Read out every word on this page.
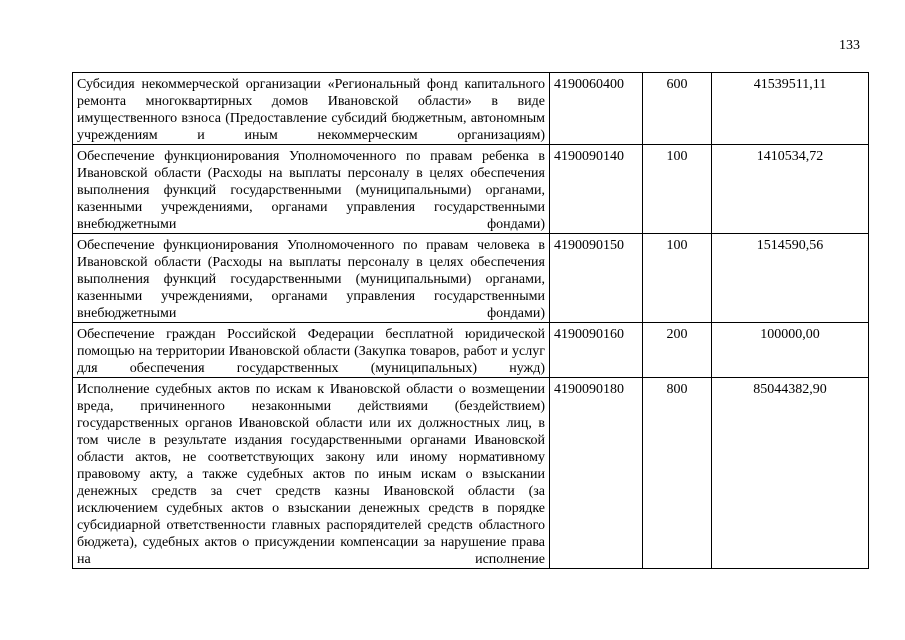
133
Субсидия некоммерческой организации «Региональный фонд капитального ремонта многоквартирных домов Ивановской области» в виде имущественного взноса (Предоставление субсидий бюджетным, автономным учреждениям и иным некоммерческим организациям)	4190060400	600	41539511,11
Обеспечение функционирования Уполномоченного по правам ребенка в Ивановской области (Расходы на выплаты персоналу в целях обеспечения выполнения функций государственными (муниципальными) органами, казенными учреждениями, органами управления государственными внебюджетными фондами)	4190090140	100	1410534,72
Обеспечение функционирования Уполномоченного по правам человека в Ивановской области (Расходы на выплаты персоналу в целях обеспечения выполнения функций государственными (муниципальными) органами, казенными учреждениями, органами управления государственными внебюджетными фондами)	4190090150	100	1514590,56
Обеспечение граждан Российской Федерации бесплатной юридической помощью на территории Ивановской области (Закупка товаров, работ и услуг для обеспечения государственных (муниципальных) нужд)	4190090160	200	100000,00
Исполнение судебных актов по искам к Ивановской области о возмещении вреда, причиненного незаконными действиями (бездействием) государственных органов Ивановской области или их должностных лиц, в том числе в результате издания государственными органами Ивановской области актов, не соответствующих закону или иному нормативному правовому акту, а также судебных актов по иным искам о взыскании денежных средств за счет средств казны Ивановской области (за исключением судебных актов о взыскании денежных средств в порядке субсидиарной ответственности главных распорядителей средств областного бюджета), судебных актов о присуждении компенсации за нарушение права на исполнение	4190090180	800	85044382,90
